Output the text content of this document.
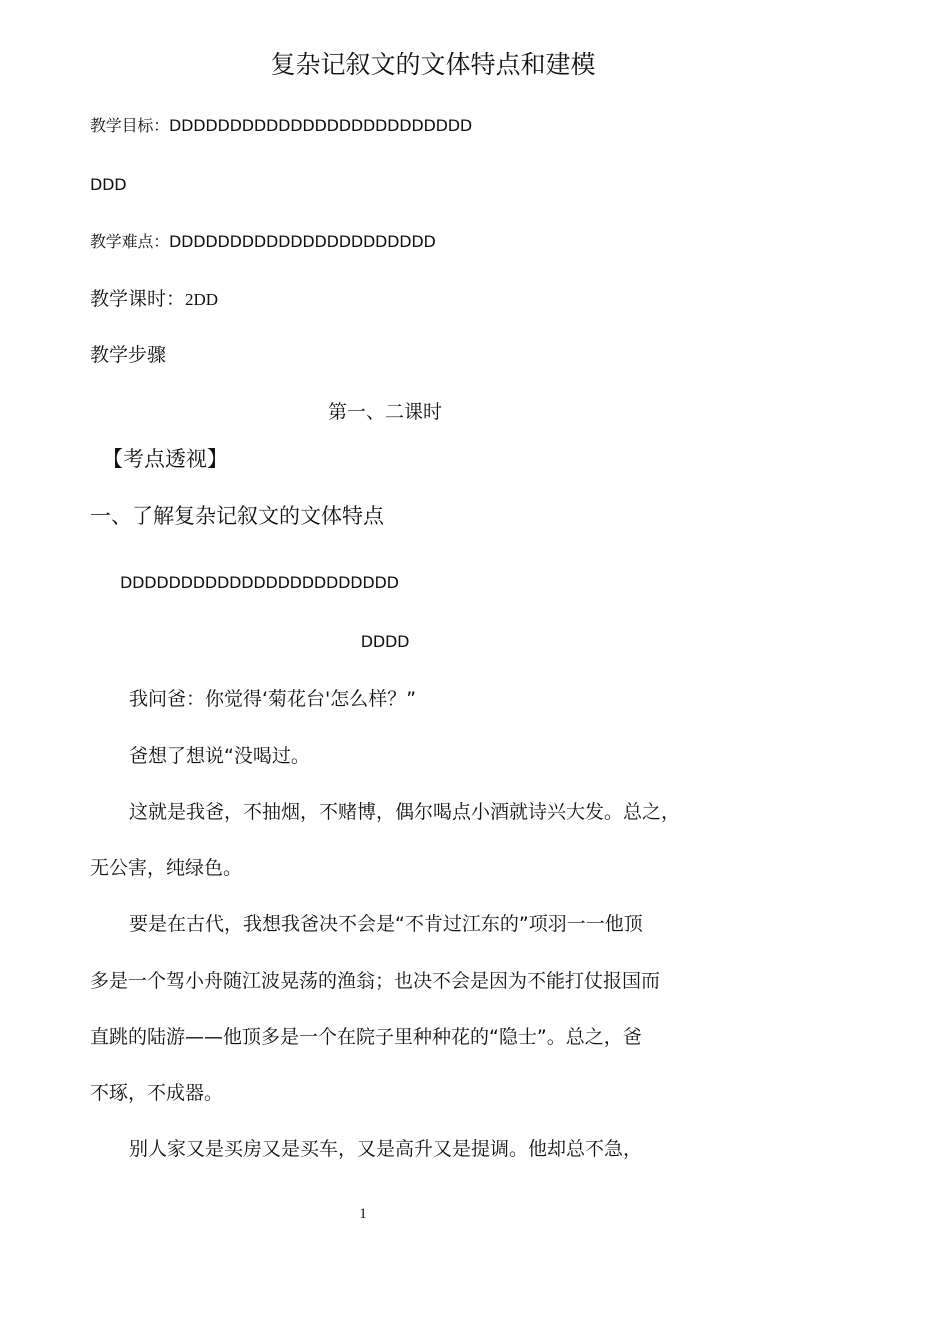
复杂记叙文的文体特点和建模
教学目标：DDDDDDDDDDDDDDDDDDDDDDDDD
DDD
教学难点：DDDDDDDDDDDDDDDDDDDDDD
教学课时：2DD
教学步骤
第一、二课时
【考点透视】
一、了解复杂记叙文的文体特点
DDDDDDDDDDDDDDDDDDDDDDD
DDDD
我问爸：你觉得‘菊花台'怎么样？”
爸想了想说“没喝过。
这就是我爸，不抽烟，不赌博，偶尔喝点小酒就诗兴大发。总之，
无公害，纯绿色。
要是在古代，我想我爸决不会是“不肯过江东的”项羽一一他顶
多是一个驾小舟随江波晃荡的渔翁；也决不会是因为不能打仗报国而
直跳的陆游——他顶多是一个在院子里种种花的“隐士”。总之，爸
不琢，不成器。
别人家又是买房又是买车，又是高升又是提调。他却总不急，
1
